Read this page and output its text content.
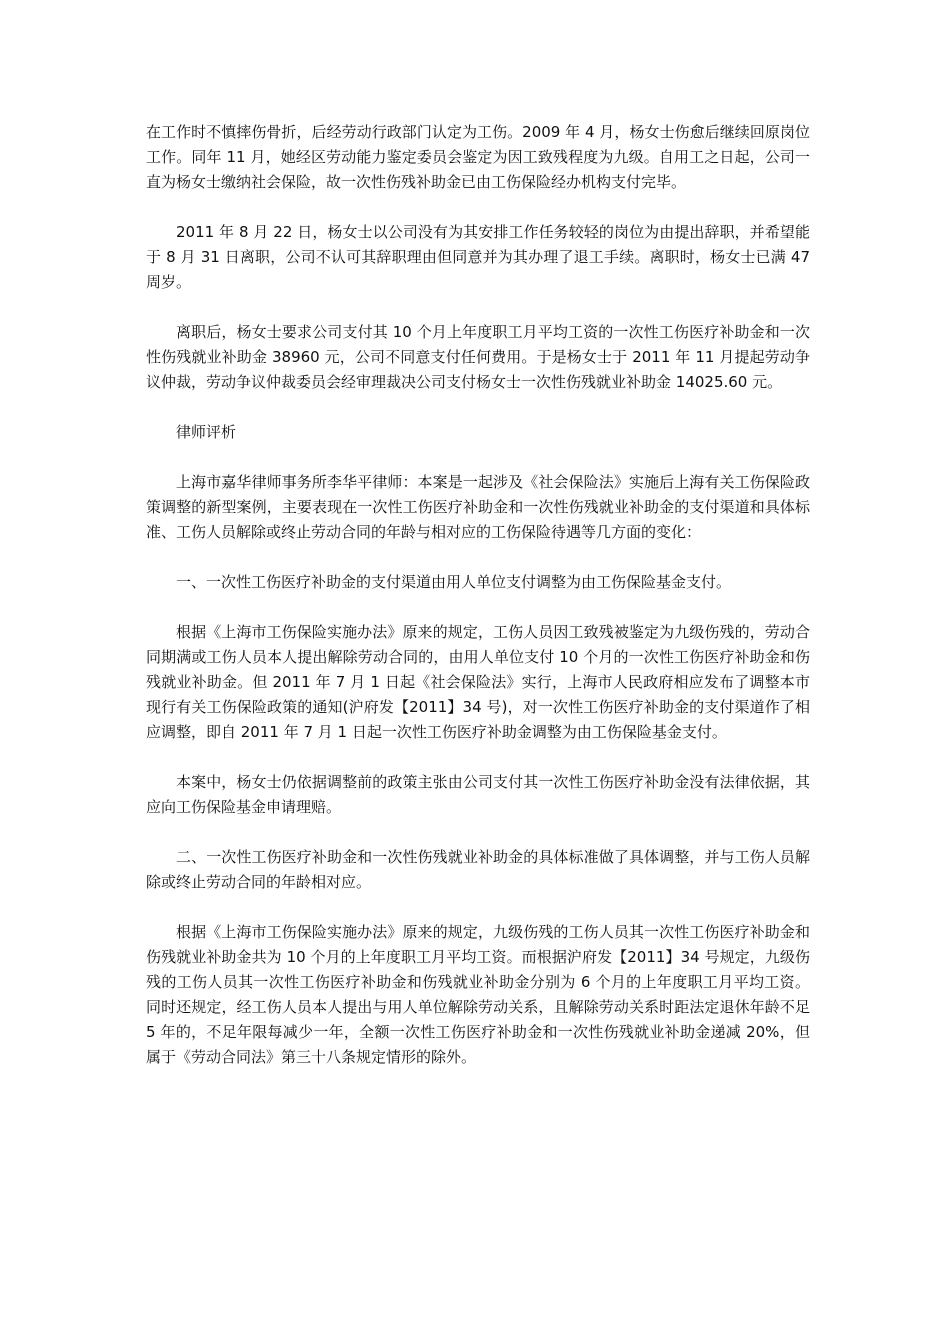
在工作时不慎摔伤骨折，后经劳动行政部门认定为工伤。2009 年 4 月，杨女士伤愈后继续回原岗位工作。同年 11 月，她经区劳动能力鉴定委员会鉴定为因工致残程度为九级。自用工之日起，公司一直为杨女士缴纳社会保险，故一次性伤残补助金已由工伤保险经办机构支付完毕。

2011 年 8 月 22 日，杨女士以公司没有为其安排工作任务较轻的岗位为由提出辞职，并希望能于 8 月 31 日离职，公司不认可其辞职理由但同意并为其办理了退工手续。离职时，杨女士已满 47 周岁。

离职后，杨女士要求公司支付其 10 个月上年度职工月平均工资的一次性工伤医疗补助金和一次性伤残就业补助金 38960 元，公司不同意支付任何费用。于是杨女士于 2011 年 11 月提起劳动争议仲裁，劳动争议仲裁委员会经审理裁决公司支付杨女士一次性伤残就业补助金 14025.60 元。

律师评析

上海市嘉华律师事务所李华平律师：本案是一起涉及《社会保险法》实施后上海有关工伤保险政策调整的新型案例，主要表现在一次性工伤医疗补助金和一次性伤残就业补助金的支付渠道和具体标准、工伤人员解除或终止劳动合同的年龄与相对应的工伤保险待遇等几方面的变化：

一、一次性工伤医疗补助金的支付渠道由用人单位支付调整为由工伤保险基金支付。

根据《上海市工伤保险实施办法》原来的规定，工伤人员因工致残被鉴定为九级伤残的，劳动合同期满或工伤人员本人提出解除劳动合同的，由用人单位支付 10 个月的一次性工伤医疗补助金和伤残就业补助金。但 2011 年 7 月 1 日起《社会保险法》实行，上海市人民政府相应发布了调整本市现行有关工伤保险政策的通知(沪府发【2011】34 号)，对一次性工伤医疗补助金的支付渠道作了相应调整，即自 2011 年 7 月 1 日起一次性工伤医疗补助金调整为由工伤保险基金支付。

本案中，杨女士仍依据调整前的政策主张由公司支付其一次性工伤医疗补助金没有法律依据，其应向工伤保险基金申请理赔。

二、一次性工伤医疗补助金和一次性伤残就业补助金的具体标准做了具体调整，并与工伤人员解除或终止劳动合同的年龄相对应。

根据《上海市工伤保险实施办法》原来的规定，九级伤残的工伤人员其一次性工伤医疗补助金和伤残就业补助金共为 10 个月的上年度职工月平均工资。而根据沪府发【2011】34 号规定，九级伤残的工伤人员其一次性工伤医疗补助金和伤残就业补助金分别为 6 个月的上年度职工月平均工资。同时还规定，经工伤人员本人提出与用人单位解除劳动关系，且解除劳动关系时距法定退休年龄不足 5 年的，不足年限每减少一年，全额一次性工伤医疗补助金和一次性伤残就业补助金递减 20%，但属于《劳动合同法》第三十八条规定情形的除外。
